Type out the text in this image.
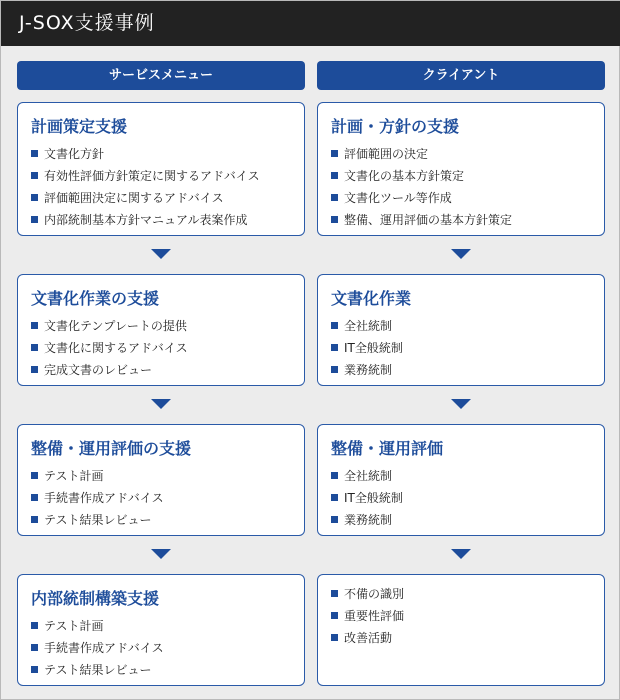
J-SOX支援事例
サービスメニュー	クライアント
計画策定支援
文書化方針
有効性評価方針策定に関するアドバイス
評価範囲決定に関するアドバイス
内部統制基本方針マニュアル表案作成
文書化作業の支援
文書化テンプレートの提供
文書化に関するアドバイス
完成文書のレビュー
整備・運用評価の支援
テスト計画
手続書作成アドバイス
テスト結果レビュー
内部統制構築支援
テスト計画
手続書作成アドバイス
テスト結果レビュー
計画・方針の支援
評価範囲の決定
文書化の基本方針策定
文書化ツール等作成
整備、運用評価の基本方針策定
文書化作業
全社統制
IT全般統制
業務統制
整備・運用評価
全社統制
IT全般統制
業務統制
不備の識別
重要性評価
改善活動
